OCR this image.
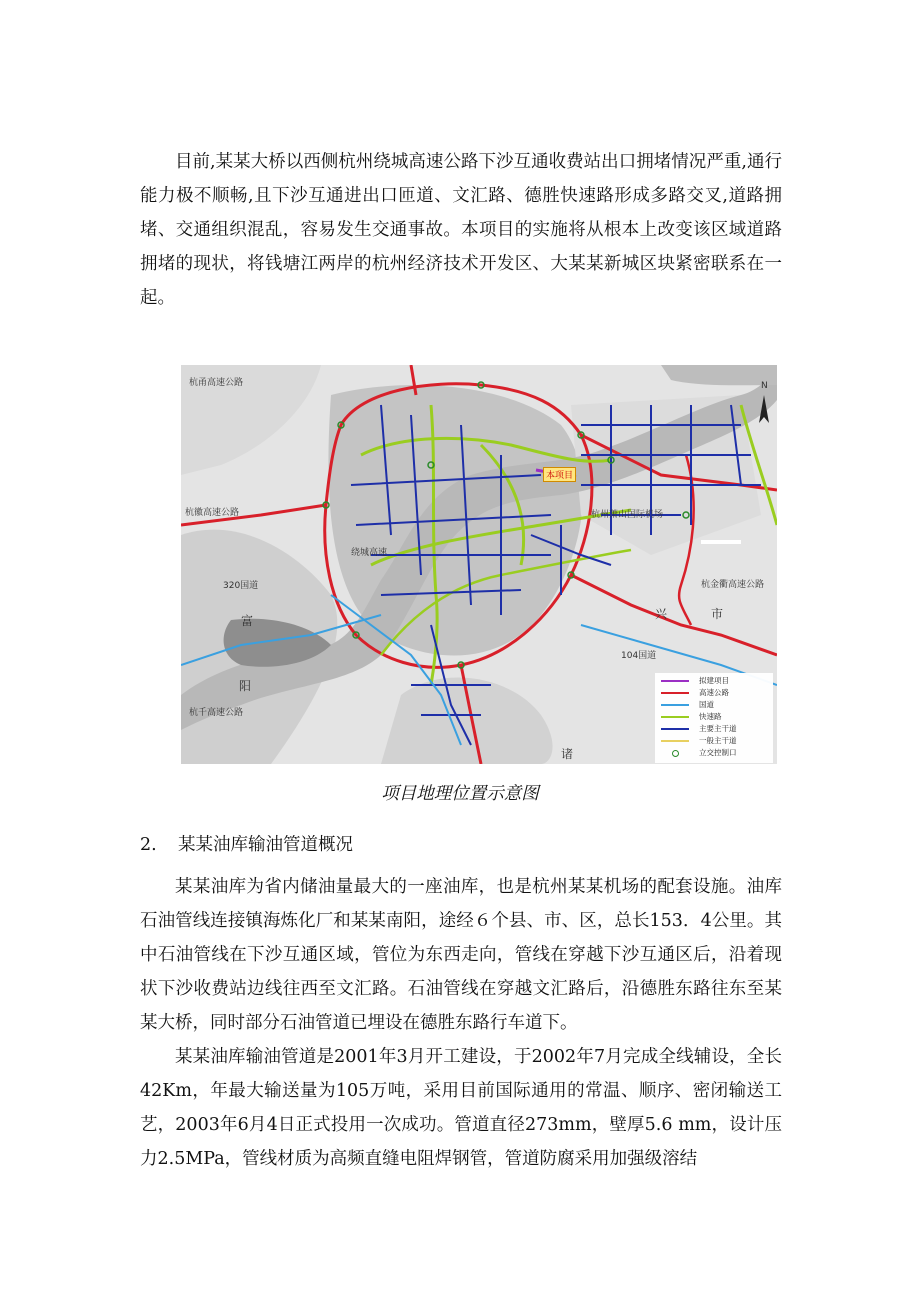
目前,某某大桥以西侧杭州绕城高速公路下沙互通收费站出口拥堵情况严重,通行能力极不顺畅,且下沙互通进出口匝道、文汇路、德胜快速路形成多路交叉,道路拥堵、交通组织混乱，容易发生交通事故。本项目的实施将从根本上改变该区域道路拥堵的现状，将钱塘江两岸的杭州经济技术开发区、大某某新城区块紧密联系在一起。

本项目
N
杭州萧山国际机场
320国道
104国道
杭金衢高速公路
杭徽高速公路
杭甬高速公路
杭千高速公路
绕城高速
兴	市
富
阳
诸
拟建项目
高速公路
国道
快速路
主要主干道
一般主干道
立交控制口

项目地理位置示意图

2. 某某油库输油管道概况

某某油库为省内储油量最大的一座油库，也是杭州某某机场的配套设施。油库石油管线连接镇海炼化厂和某某南阳，途经６个县、市、区，总长153．4公里。其中石油管线在下沙互通区域，管位为东西走向，管线在穿越下沙互通区后，沿着现状下沙收费站边线往西至文汇路。石油管线在穿越文汇路后，沿德胜东路往东至某某大桥，同时部分石油管道已埋设在德胜东路行车道下。

某某油库输油管道是2001年3月开工建设，于2002年7月完成全线辅设，全长42Km，年最大输送量为105万吨，采用目前国际通用的常温、顺序、密闭输送工艺，2003年6月4日正式投用一次成功。管道直径273mm，壁厚5.6 mm，设计压力2.5MPa，管线材质为高频直缝电阻焊钢管，管道防腐采用加强级溶结
